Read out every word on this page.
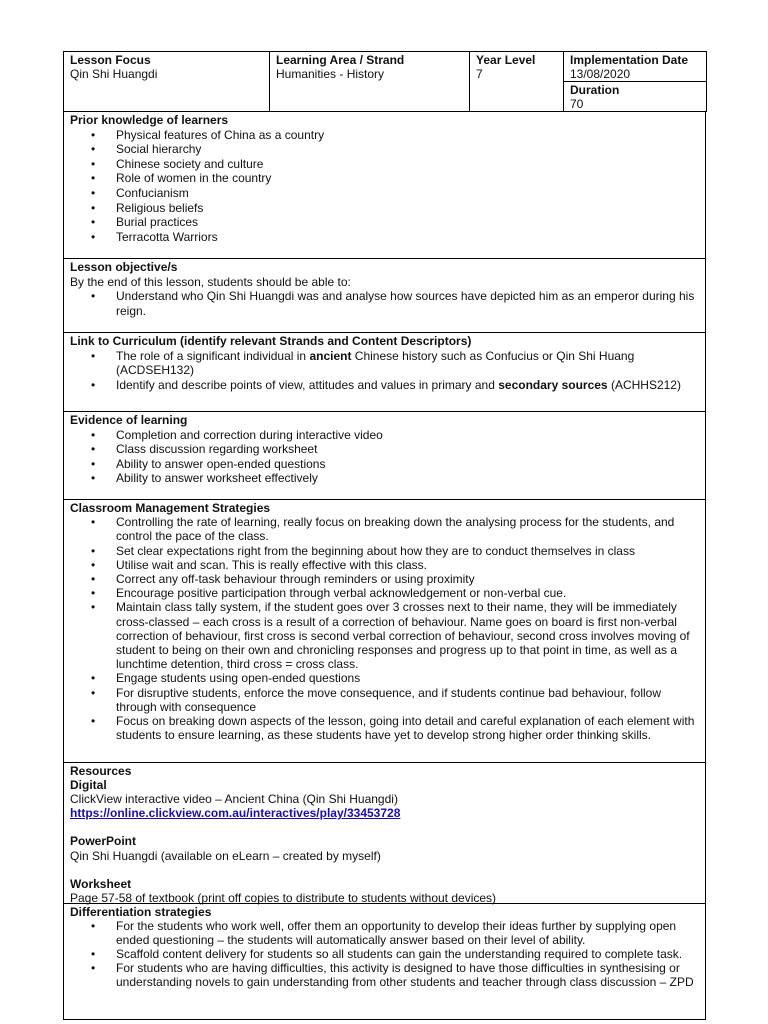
Lesson Focus
Qin Shi Huangdi

Learning Area / Strand
Humanities - History

Year Level
7

Implementation Date
13/08/2020

Duration
70
Prior knowledge of learners
• Physical features of China as a country
• Social hierarchy
• Chinese society and culture
• Role of women in the country
• Confucianism
• Religious beliefs
• Burial practices
• Terracotta Warriors
Lesson objective/s

By the end of this lesson, students should be able to:

• Understand who Qin Shi Huangdi was and analyse how sources have depicted him as an emperor during his reign.
Link to Curriculum (identify relevant Strands and Content Descriptors)
• The role of a significant individual in ancient Chinese history such as Confucius or Qin Shi Huang (ACDSEH132)
• Identify and describe points of view, attitudes and values in primary and secondary sources (ACHHS212)
Evidence of learning
• Completion and correction during interactive video
• Class discussion regarding worksheet
• Ability to answer open-ended questions
• Ability to answer worksheet effectively
Classroom Management Strategies
• Controlling the rate of learning, really focus on breaking down the analysing process for the students, and control the pace of the class.
• Set clear expectations right from the beginning about how they are to conduct themselves in class
• Utilise wait and scan. This is really effective with this class.
• Correct any off-task behaviour through reminders or using proximity
• Encourage positive participation through verbal acknowledgement or non-verbal cue.
• Maintain class tally system, if the student goes over 3 crosses next to their name, they will be immediately cross-classed – each cross is a result of a correction of behaviour. Name goes on board is first non-verbal correction of behaviour, first cross is second verbal correction of behaviour, second cross involves moving of student to being on their own and chronicling responses and progress up to that point in time, as well as a lunchtime detention, third cross = cross class.
• Engage students using open-ended questions
• For disruptive students, enforce the move consequence, and if students continue bad behaviour, follow through with consequence
• Focus on breaking down aspects of the lesson, going into detail and careful explanation of each element with students to ensure learning, as these students have yet to develop strong higher order thinking skills.
Resources
Digital

ClickView interactive video – Ancient China (Qin Shi Huangdi)

https://online.clickview.com.au/interactives/play/33453728

PowerPoint

Qin Shi Huangdi (available on eLearn – created by myself)

Worksheet

Page 57-58 of textbook (print off copies to distribute to students without devices)

Differentiation strategies
• For the students who work well, offer them an opportunity to develop their ideas further by supplying open ended questioning – the students will automatically answer based on their level of ability.
• Scaffold content delivery for students so all students can gain the understanding required to complete task.
• For students who are having difficulties, this activity is designed to have those difficulties in synthesising or understanding novels to gain understanding from other students and teacher through class discussion – ZPD
